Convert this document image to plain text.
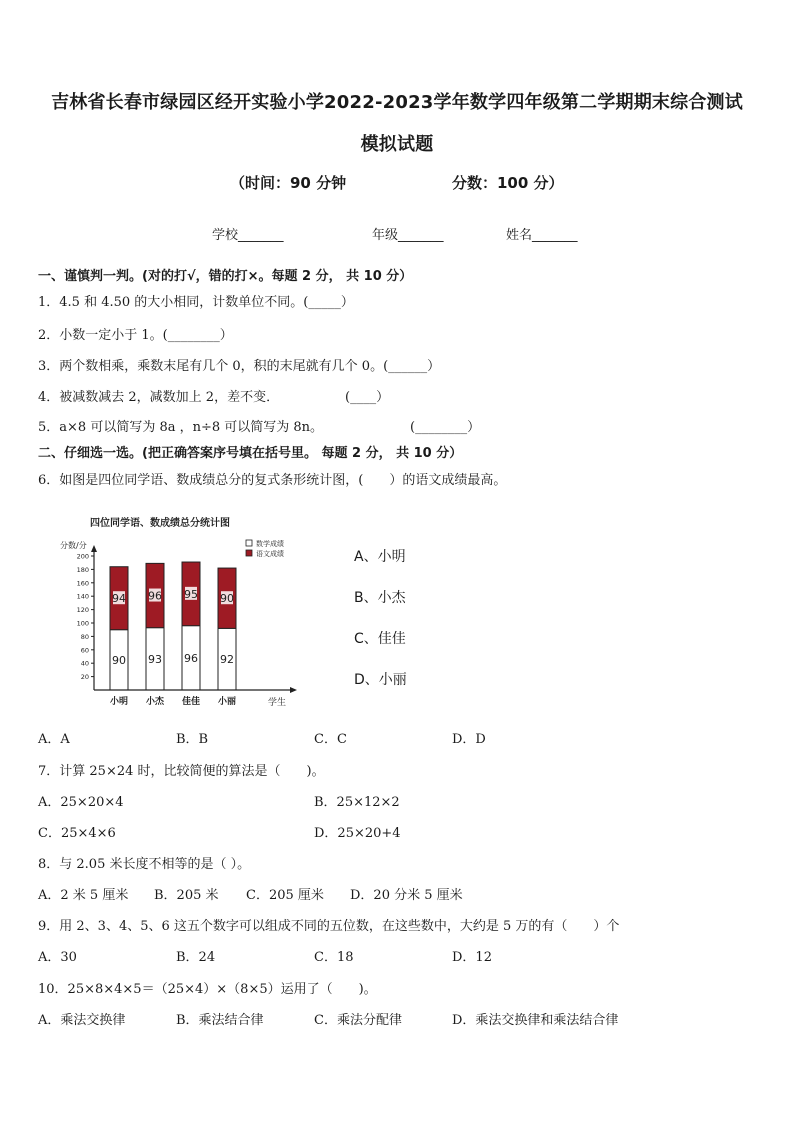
吉林省长春市绿园区经开实验小学2022-2023学年数学四年级第二学期期末综合测试
模拟试题
（时间：90 分钟	分数：100 分）
学校_______	年级_______	姓名_______
一、谨慎判一判。(对的打√，错的打×。每题 2 分， 共 10 分）
1．4.5 和 4.50 的大小相同，计数单位不同。(_____）
2．小数一定小于 1。(________）
3．两个数相乘，乘数末尾有几个 0，积的末尾就有几个 0。(______）
4．被减数减去 2，减数加上 2，差不变．	(____）
5．a×8 可以简写为 8a ，n÷8 可以简写为 8n。	(________）
二、仔细选一选。(把正确答案序号填在括号里。 每题 2 分， 共 10 分）
6．如图是四位同学语、数成绩总分的复式条形统计图，(　　）的语文成绩最高。
四位同学语、数成绩总分统计图
分数/分	数学成绩
语文成绩
20
40
60
80
100
120
140
160
180
200
90
94
93
96
96
95
92
90
小明 小杰 佳佳 小丽	学生
A、小明
B、小杰
C、佳佳
D、小丽
A．A	B．B	C．C	D．D
7．计算 25×24 时，比较简便的算法是（　　)。
A．25×20×4	B．25×12×2
C．25×4×6	D．25×20+4
8．与 2.05 米长度不相等的是（ ）。
A．2 米 5 厘米 B．205 米 C．205 厘米 D．20 分米 5 厘米
9．用 2、3、4、5、6 这五个数字可以组成不同的五位数，在这些数中，大约是 5 万的有（　　）个
A．30	B．24	C．18	D．12
10．25×8×4×5＝（25×4）×（8×5）运用了（　　)。
A．乘法交换律	B．乘法结合律	C．乘法分配律	D．乘法交换律和乘法结合律
